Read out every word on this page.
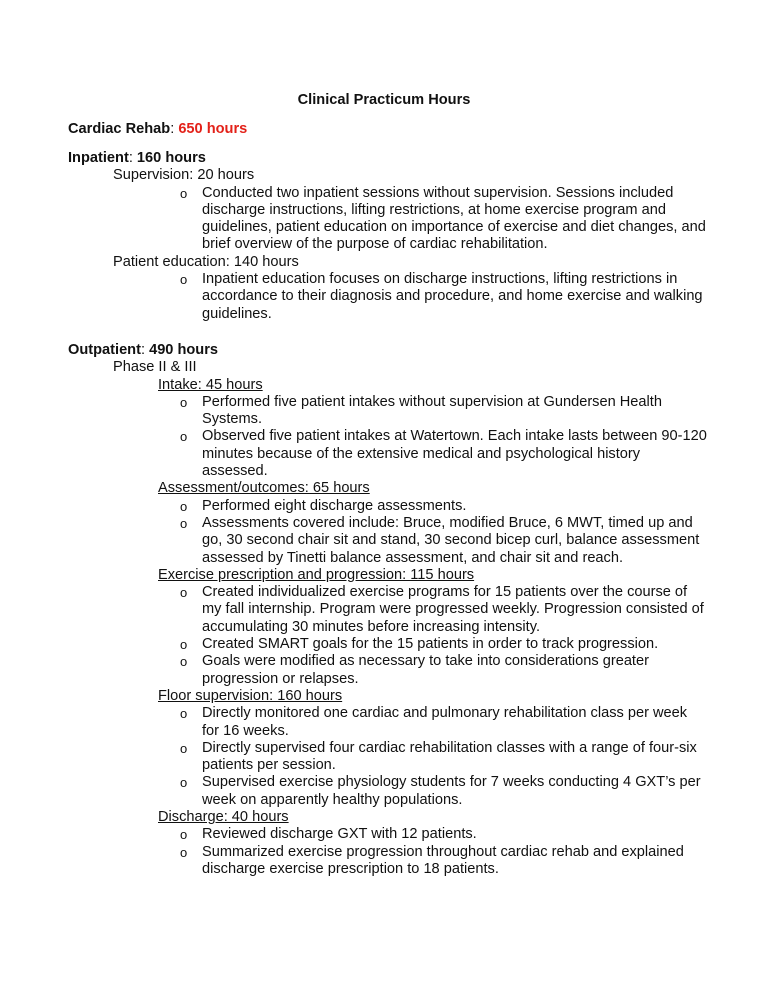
Clinical Practicum Hours
Cardiac Rehab: 650 hours
Inpatient: 160 hours
Supervision: 20 hours
o	Conducted two inpatient sessions without supervision. Sessions included discharge instructions, lifting restrictions, at home exercise program and guidelines, patient education on importance of exercise and diet changes, and brief overview of the purpose of cardiac rehabilitation.
Patient education: 140 hours
o	Inpatient education focuses on discharge instructions, lifting restrictions in accordance to their diagnosis and procedure, and home exercise and walking guidelines.
Outpatient: 490 hours
Phase II & III
Intake: 45 hours
o	Performed five patient intakes without supervision at Gundersen Health Systems.
o	Observed five patient intakes at Watertown. Each intake lasts between 90-120 minutes because of the extensive medical and psychological history assessed.
Assessment/outcomes: 65 hours
o	Performed eight discharge assessments.
o	Assessments covered include: Bruce, modified Bruce, 6 MWT, timed up and go, 30 second chair sit and stand, 30 second bicep curl, balance assessment assessed by Tinetti balance assessment, and chair sit and reach.
Exercise prescription and progression: 115 hours
o	Created individualized exercise programs for 15 patients over the course of my fall internship. Program were progressed weekly. Progression consisted of accumulating 30 minutes before increasing intensity.
o	Created SMART goals for the 15 patients in order to track progression.
o	Goals were modified as necessary to take into considerations greater progression or relapses.
Floor supervision: 160 hours
o	Directly monitored one cardiac and pulmonary rehabilitation class per week for 16 weeks.
o	Directly supervised four cardiac rehabilitation classes with a range of four-six patients per session.
o	Supervised exercise physiology students for 7 weeks conducting 4 GXT’s per week on apparently healthy populations.
Discharge: 40 hours
o	Reviewed discharge GXT with 12 patients.
o	Summarized exercise progression throughout cardiac rehab and explained discharge exercise prescription to 18 patients.
